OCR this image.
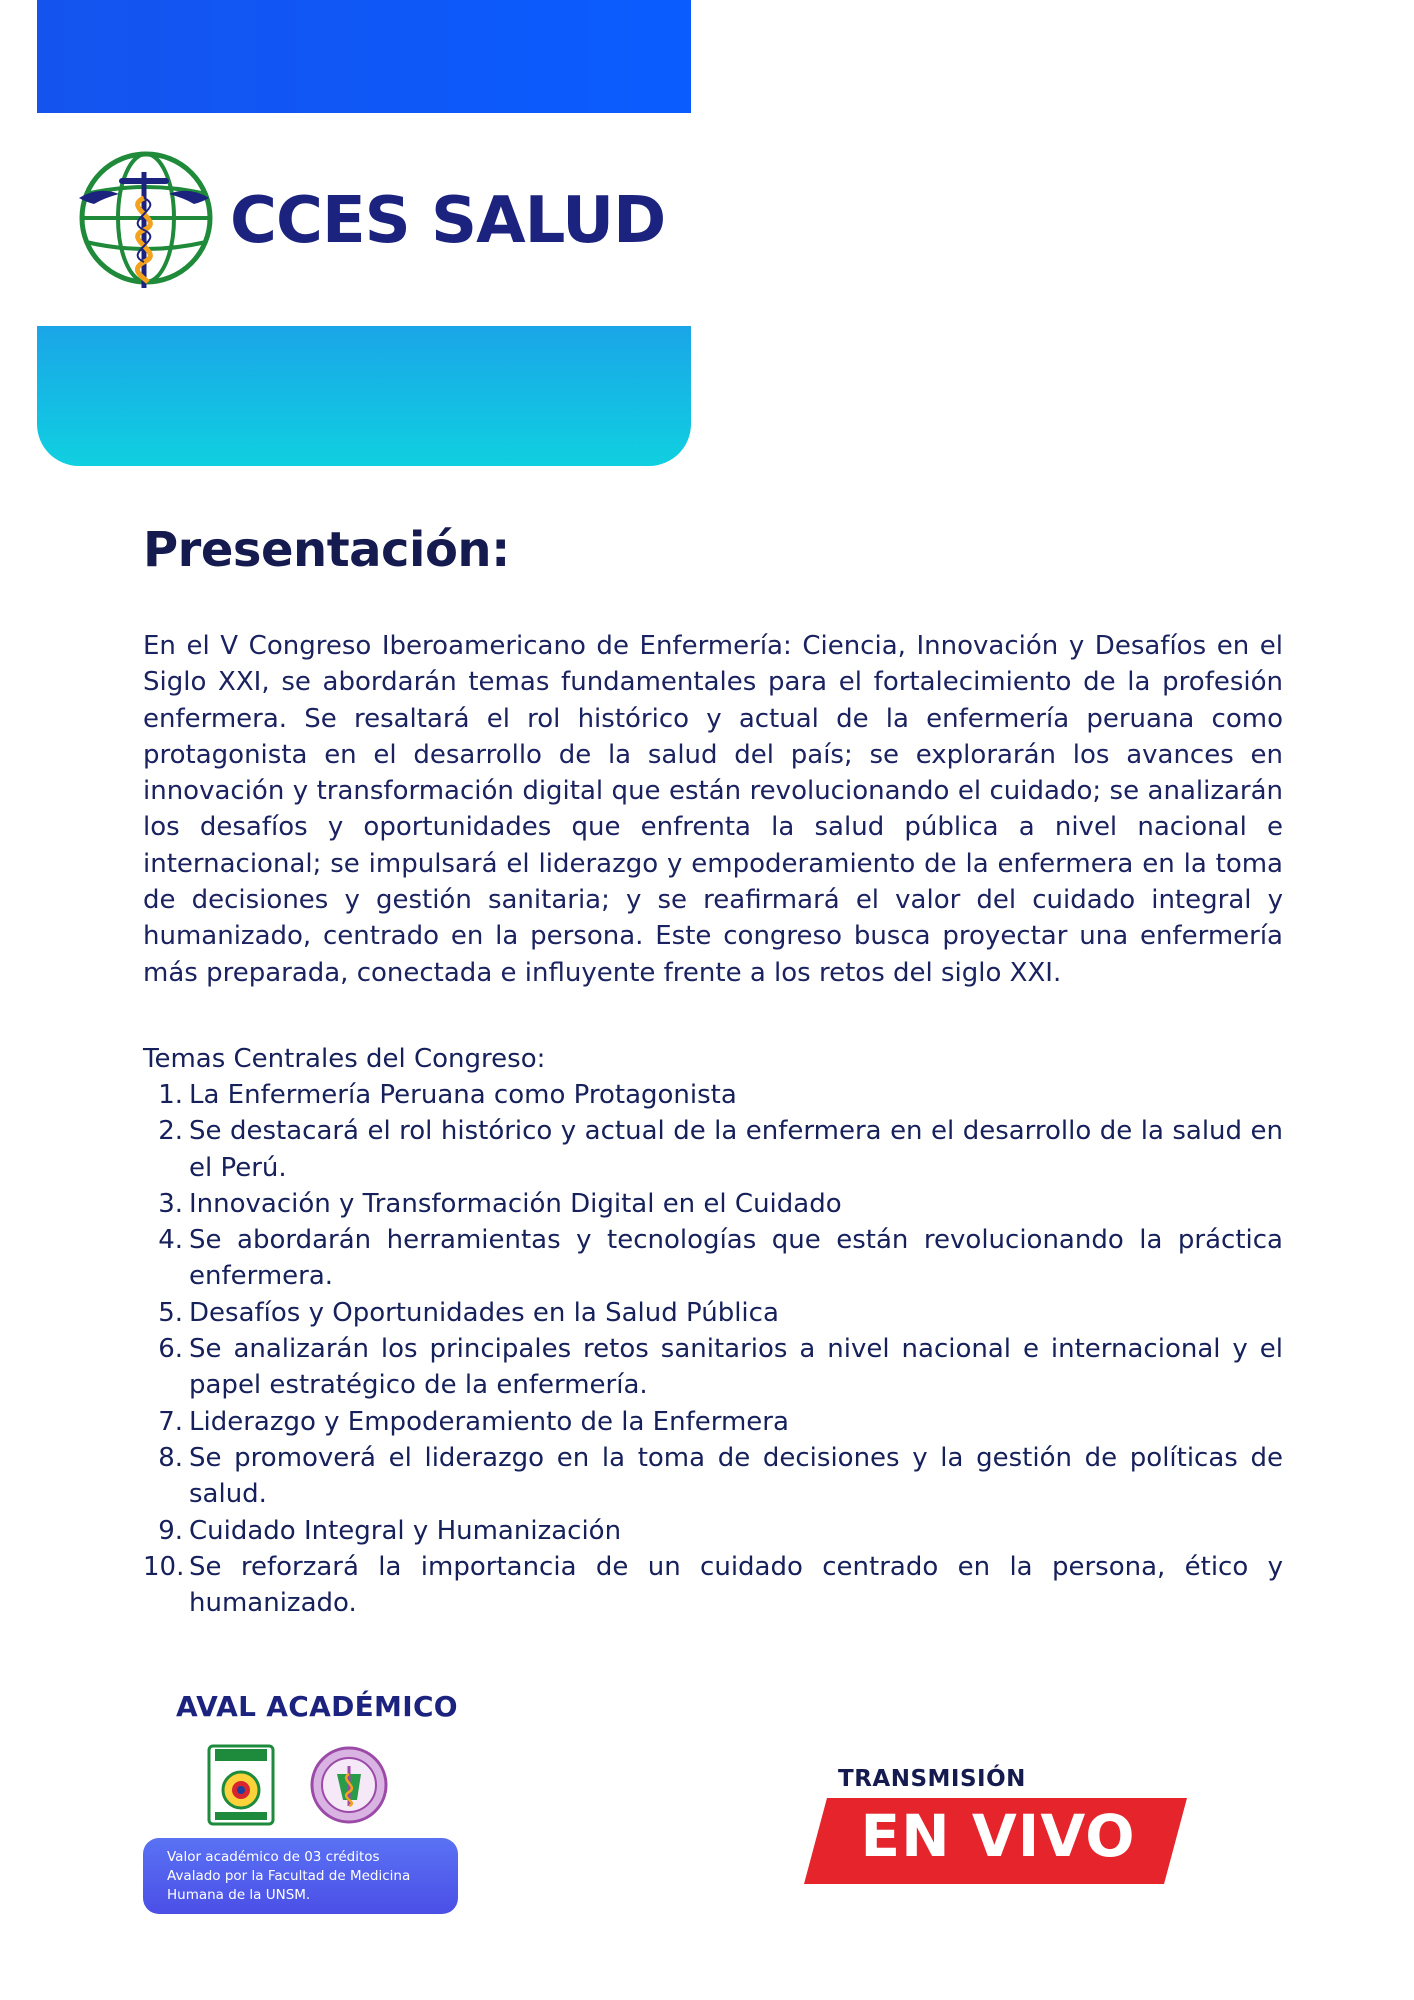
CCES SALUD
Presentación:

En el V Congreso Iberoamericano de Enfermería: Ciencia, Innovación y Desafíos en el Siglo XXI, se abordarán temas fundamentales para el fortalecimiento de la profesión enfermera. Se resaltará el rol histórico y actual de la enfermería peruana como protagonista en el desarrollo de la salud del país; se explorarán los avances en innovación y transformación digital que están revolucionando el cuidado; se analizarán los desafíos y oportunidades que enfrenta la salud pública a nivel nacional e internacional; se impulsará el liderazgo y empoderamiento de la enfermera en la toma de decisiones y gestión sanitaria; y se reafirmará el valor del cuidado integral y humanizado, centrado en la persona. Este congreso busca proyectar una enfermería más preparada, conectada e influyente frente a los retos del siglo XXI.

Temas Centrales del Congreso:
1. La Enfermería Peruana como Protagonista
2. Se destacará el rol histórico y actual de la enfermera en el desarrollo de la salud en el Perú.
3. Innovación y Transformación Digital en el Cuidado
4. Se abordarán herramientas y tecnologías que están revolucionando la práctica enfermera.
5. Desafíos y Oportunidades en la Salud Pública
6. Se analizarán los principales retos sanitarios a nivel nacional e internacional y el papel estratégico de la enfermería.
7. Liderazgo y Empoderamiento de la Enfermera
8. Se promoverá el liderazgo en la toma de decisiones y la gestión de políticas de salud.
9. Cuidado Integral y Humanización
10. Se reforzará la importancia de un cuidado centrado en la persona, ético y humanizado.
AVAL ACADÉMICO
Valor académico de 03 créditos
Avalado por la Facultad de Medicina
Humana de la UNSM.
TRANSMISIÓN
EN VIVO
